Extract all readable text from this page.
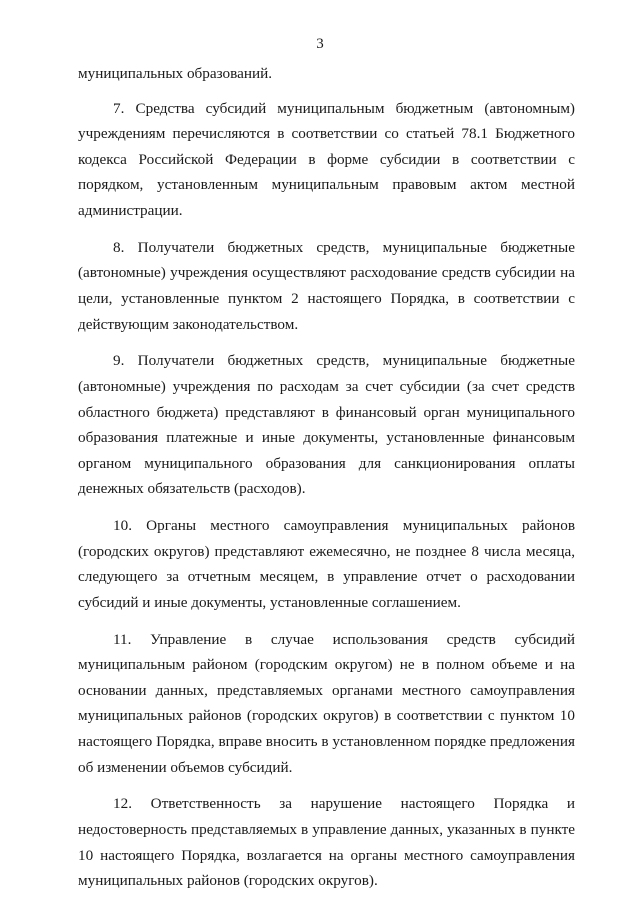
3

муниципальных образований.

7. Средства субсидий муниципальным бюджетным (автономным) учреждениям перечисляются в соответствии со статьей 78.1 Бюджетного кодекса Российской Федерации в форме субсидии в соответствии с порядком, установленным муниципальным правовым актом местной администрации.

8. Получатели бюджетных средств, муниципальные бюджетные (автономные) учреждения осуществляют расходование средств субсидии на цели, установленные пунктом 2 настоящего Порядка, в соответствии с действующим законодательством.

9. Получатели бюджетных средств, муниципальные бюджетные (автономные) учреждения по расходам за счет субсидии (за счет средств областного бюджета) представляют в финансовый орган муниципального образования платежные и иные документы, установленные финансовым органом муниципального образования для санкционирования оплаты денежных обязательств (расходов).

10. Органы местного самоуправления муниципальных районов (городских округов) представляют ежемесячно, не позднее 8 числа месяца, следующего за отчетным месяцем, в управление отчет о расходовании субсидий и иные документы, установленные соглашением.

11. Управление в случае использования средств субсидий муниципальным районом (городским округом) не в полном объеме и на основании данных, представляемых органами местного самоуправления муниципальных районов (городских округов) в соответствии с пунктом 10 настоящего Порядка, вправе вносить в установленном порядке предложения об изменении объемов субсидий.

12. Ответственность за нарушение настоящего Порядка и недостоверность представляемых в управление данных, указанных в пункте 10 настоящего Порядка, возлагается на органы местного самоуправления муниципальных районов (городских округов).
